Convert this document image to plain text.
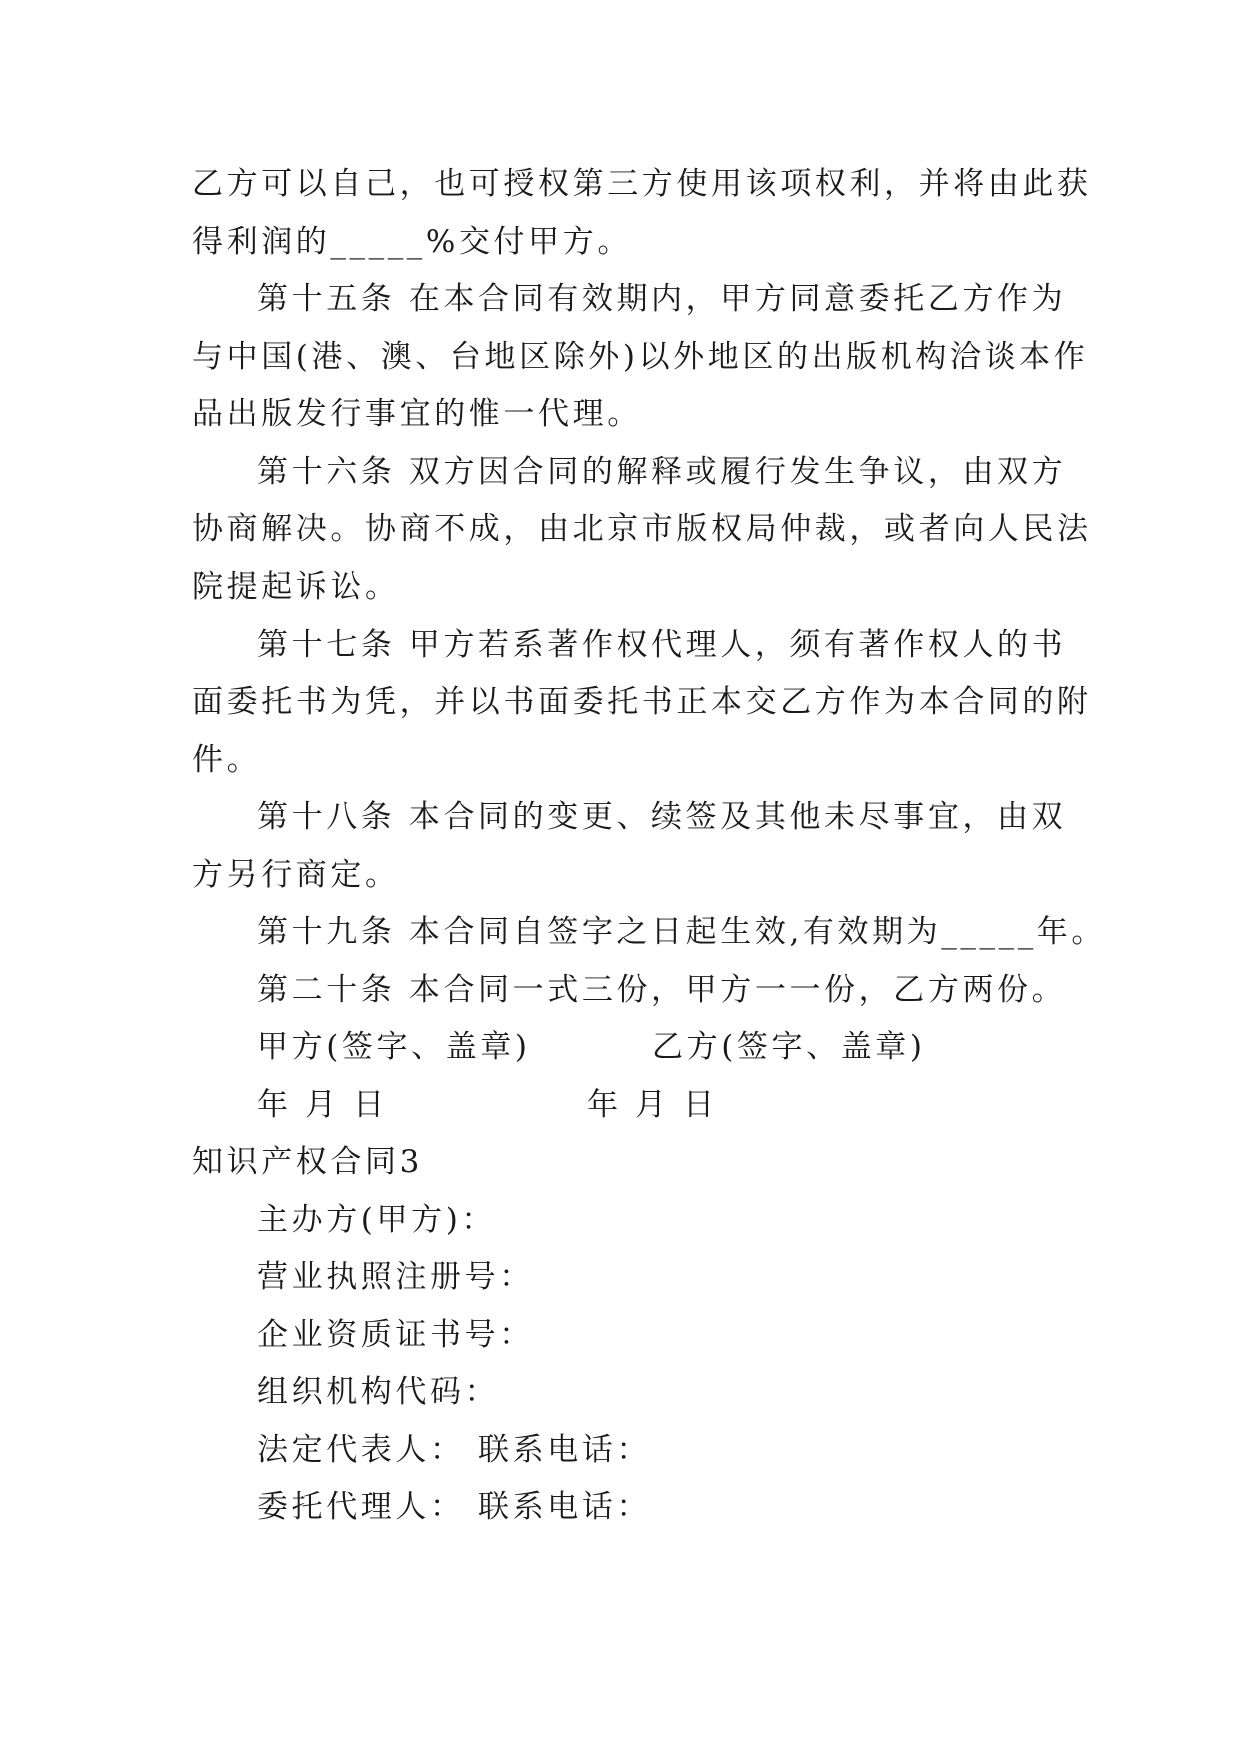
乙方可以自己，也可授权第三方使用该项权利，并将由此获
得利润的_____%交付甲方。
第十五条 在本合同有效期内，甲方同意委托乙方作为
与中国(港、澳、台地区除外)以外地区的出版机构洽谈本作
品出版发行事宜的惟一代理。
第十六条 双方因合同的解释或履行发生争议，由双方
协商解决。协商不成，由北京市版权局仲裁，或者向人民法
院提起诉讼。
第十七条 甲方若系著作权代理人，须有著作权人的书
面委托书为凭，并以书面委托书正本交乙方作为本合同的附
件。
第十八条 本合同的变更、续签及其他未尽事宜，由双
方另行商定。
第十九条 本合同自签字之日起生效,有效期为_____年。
第二十条 本合同一式三份，甲方一一份，乙方两份。
甲方(签字、盖章)	乙方(签字、盖章)
年 月 日	年 月 日
知识产权合同3
主办方(甲方)：
营业执照注册号：
企业资质证书号：
组织机构代码：
法定代表人： 联系电话：
委托代理人： 联系电话：
